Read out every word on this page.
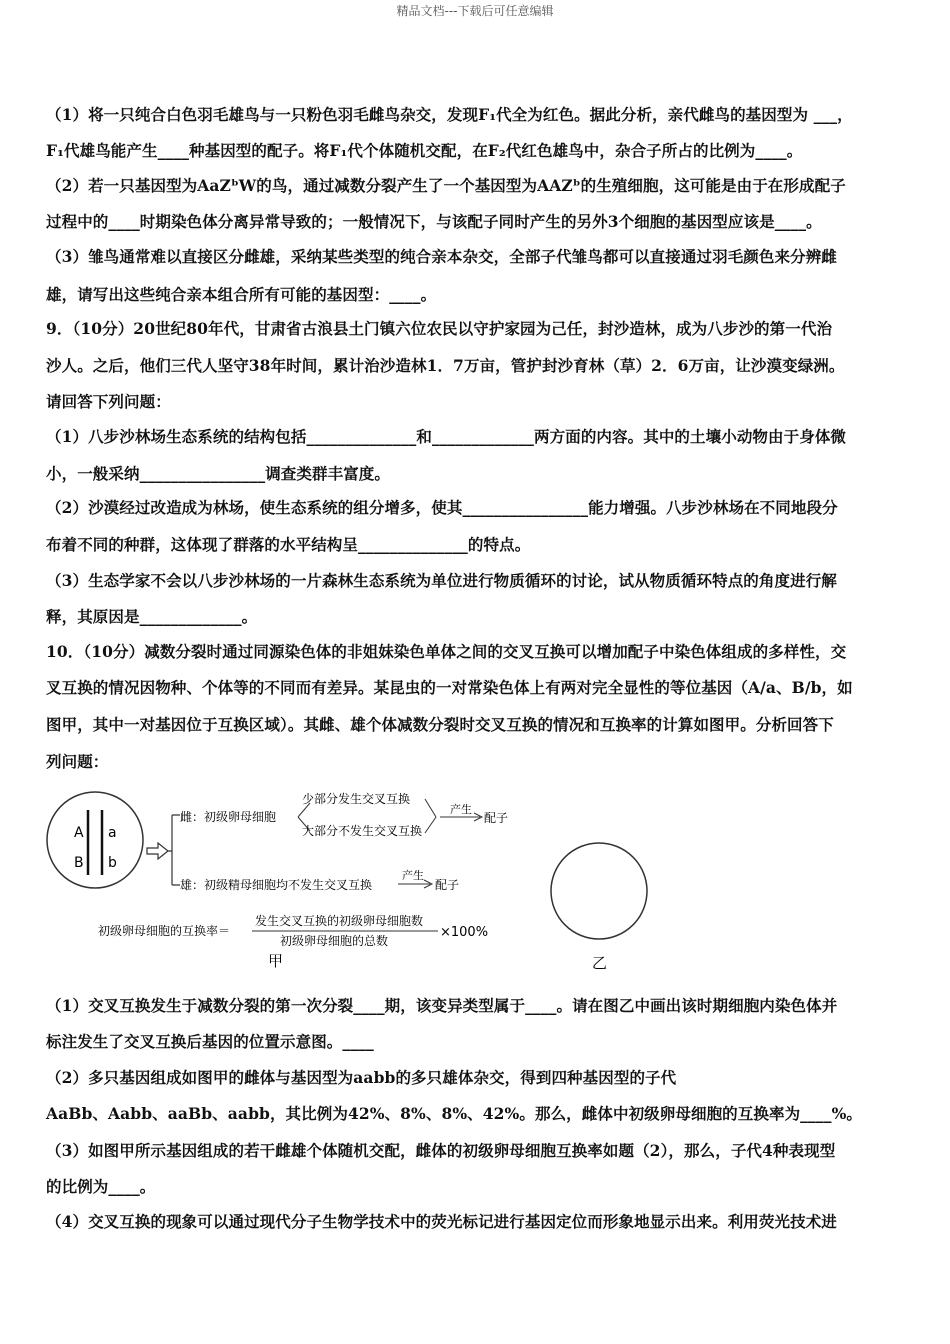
精品文档---下载后可任意编辑
（1）将一只纯合白色羽毛雄鸟与一只粉色羽毛雌鸟杂交，发现F₁代全为红色。据此分析，亲代雌鸟的基因型为 ___，
F₁代雄鸟能产生____种基因型的配子。将F₁代个体随机交配，在F₂代红色雄鸟中，杂合子所占的比例为____。
（2）若一只基因型为AaZᵇW的鸟，通过减数分裂产生了一个基因型为AAZᵇ的生殖细胞，这可能是由于在形成配子
过程中的____时期染色体分离异常导致的；一般情况下，与该配子同时产生的另外3个细胞的基因型应该是____。
（3）雏鸟通常难以直接区分雌雄，采纳某些类型的纯合亲本杂交，全部子代雏鸟都可以直接通过羽毛颜色来分辨雌
雄，请写出这些纯合亲本组合所有可能的基因型：____。
9．（10分）20世纪80年代，甘肃省古浪县土门镇六位农民以守护家园为己任，封沙造林，成为八步沙的第一代治
沙人。之后，他们三代人坚守38年时间，累计治沙造林1．7万亩，管护封沙育林（草）2．6万亩，让沙漠变绿洲。
请回答下列问题：
（1）八步沙林场生态系统的结构包括______________和_____________两方面的内容。其中的土壤小动物由于身体微
小，一般采纳________________调查类群丰富度。
（2）沙漠经过改造成为林场，使生态系统的组分增多，使其________________能力增强。八步沙林场在不同地段分
布着不同的种群，这体现了群落的水平结构呈______________的特点。
（3）生态学家不会以八步沙林场的一片森林生态系统为单位进行物质循环的讨论，试从物质循环特点的角度进行解
释，其原因是_____________。
10．（10分）减数分裂时通过同源染色体的非姐妹染色单体之间的交叉互换可以增加配子中染色体组成的多样性，交
叉互换的情况因物种、个体等的不同而有差异。某昆虫的一对常染色体上有两对完全显性的等位基因（A/a、B/b，如
图甲，其中一对基因位于互换区域）。其雌、雄个体减数分裂时交叉互换的情况和互换率的计算如图甲。分析回答下
列问题：
A a
B b
雌：初级卵母细胞
少部分发生交叉互换
大部分不发生交叉互换
产生
配子
雄：初级精母细胞均不发生交叉互换
产生
配子
初级卵母细胞的互换率＝
发生交叉互换的初级卵母细胞数
初级卵母细胞的总数
×100%
甲	乙
（1）交叉互换发生于减数分裂的第一次分裂____期，该变异类型属于____。请在图乙中画出该时期细胞内染色体并
标注发生了交叉互换后基因的位置示意图。____
（2）多只基因组成如图甲的雌体与基因型为aabb的多只雄体杂交，得到四种基因型的子代
AaBb、Aabb、aaBb、aabb，其比例为42%、8%、8%、42%。那么，雌体中初级卵母细胞的互换率为____%。
（3）如图甲所示基因组成的若干雌雄个体随机交配，雌体的初级卵母细胞互换率如题（2），那么，子代4种表现型
的比例为____。
（4）交叉互换的现象可以通过现代分子生物学技术中的荧光标记进行基因定位而形象地显示出来。利用荧光技术进
